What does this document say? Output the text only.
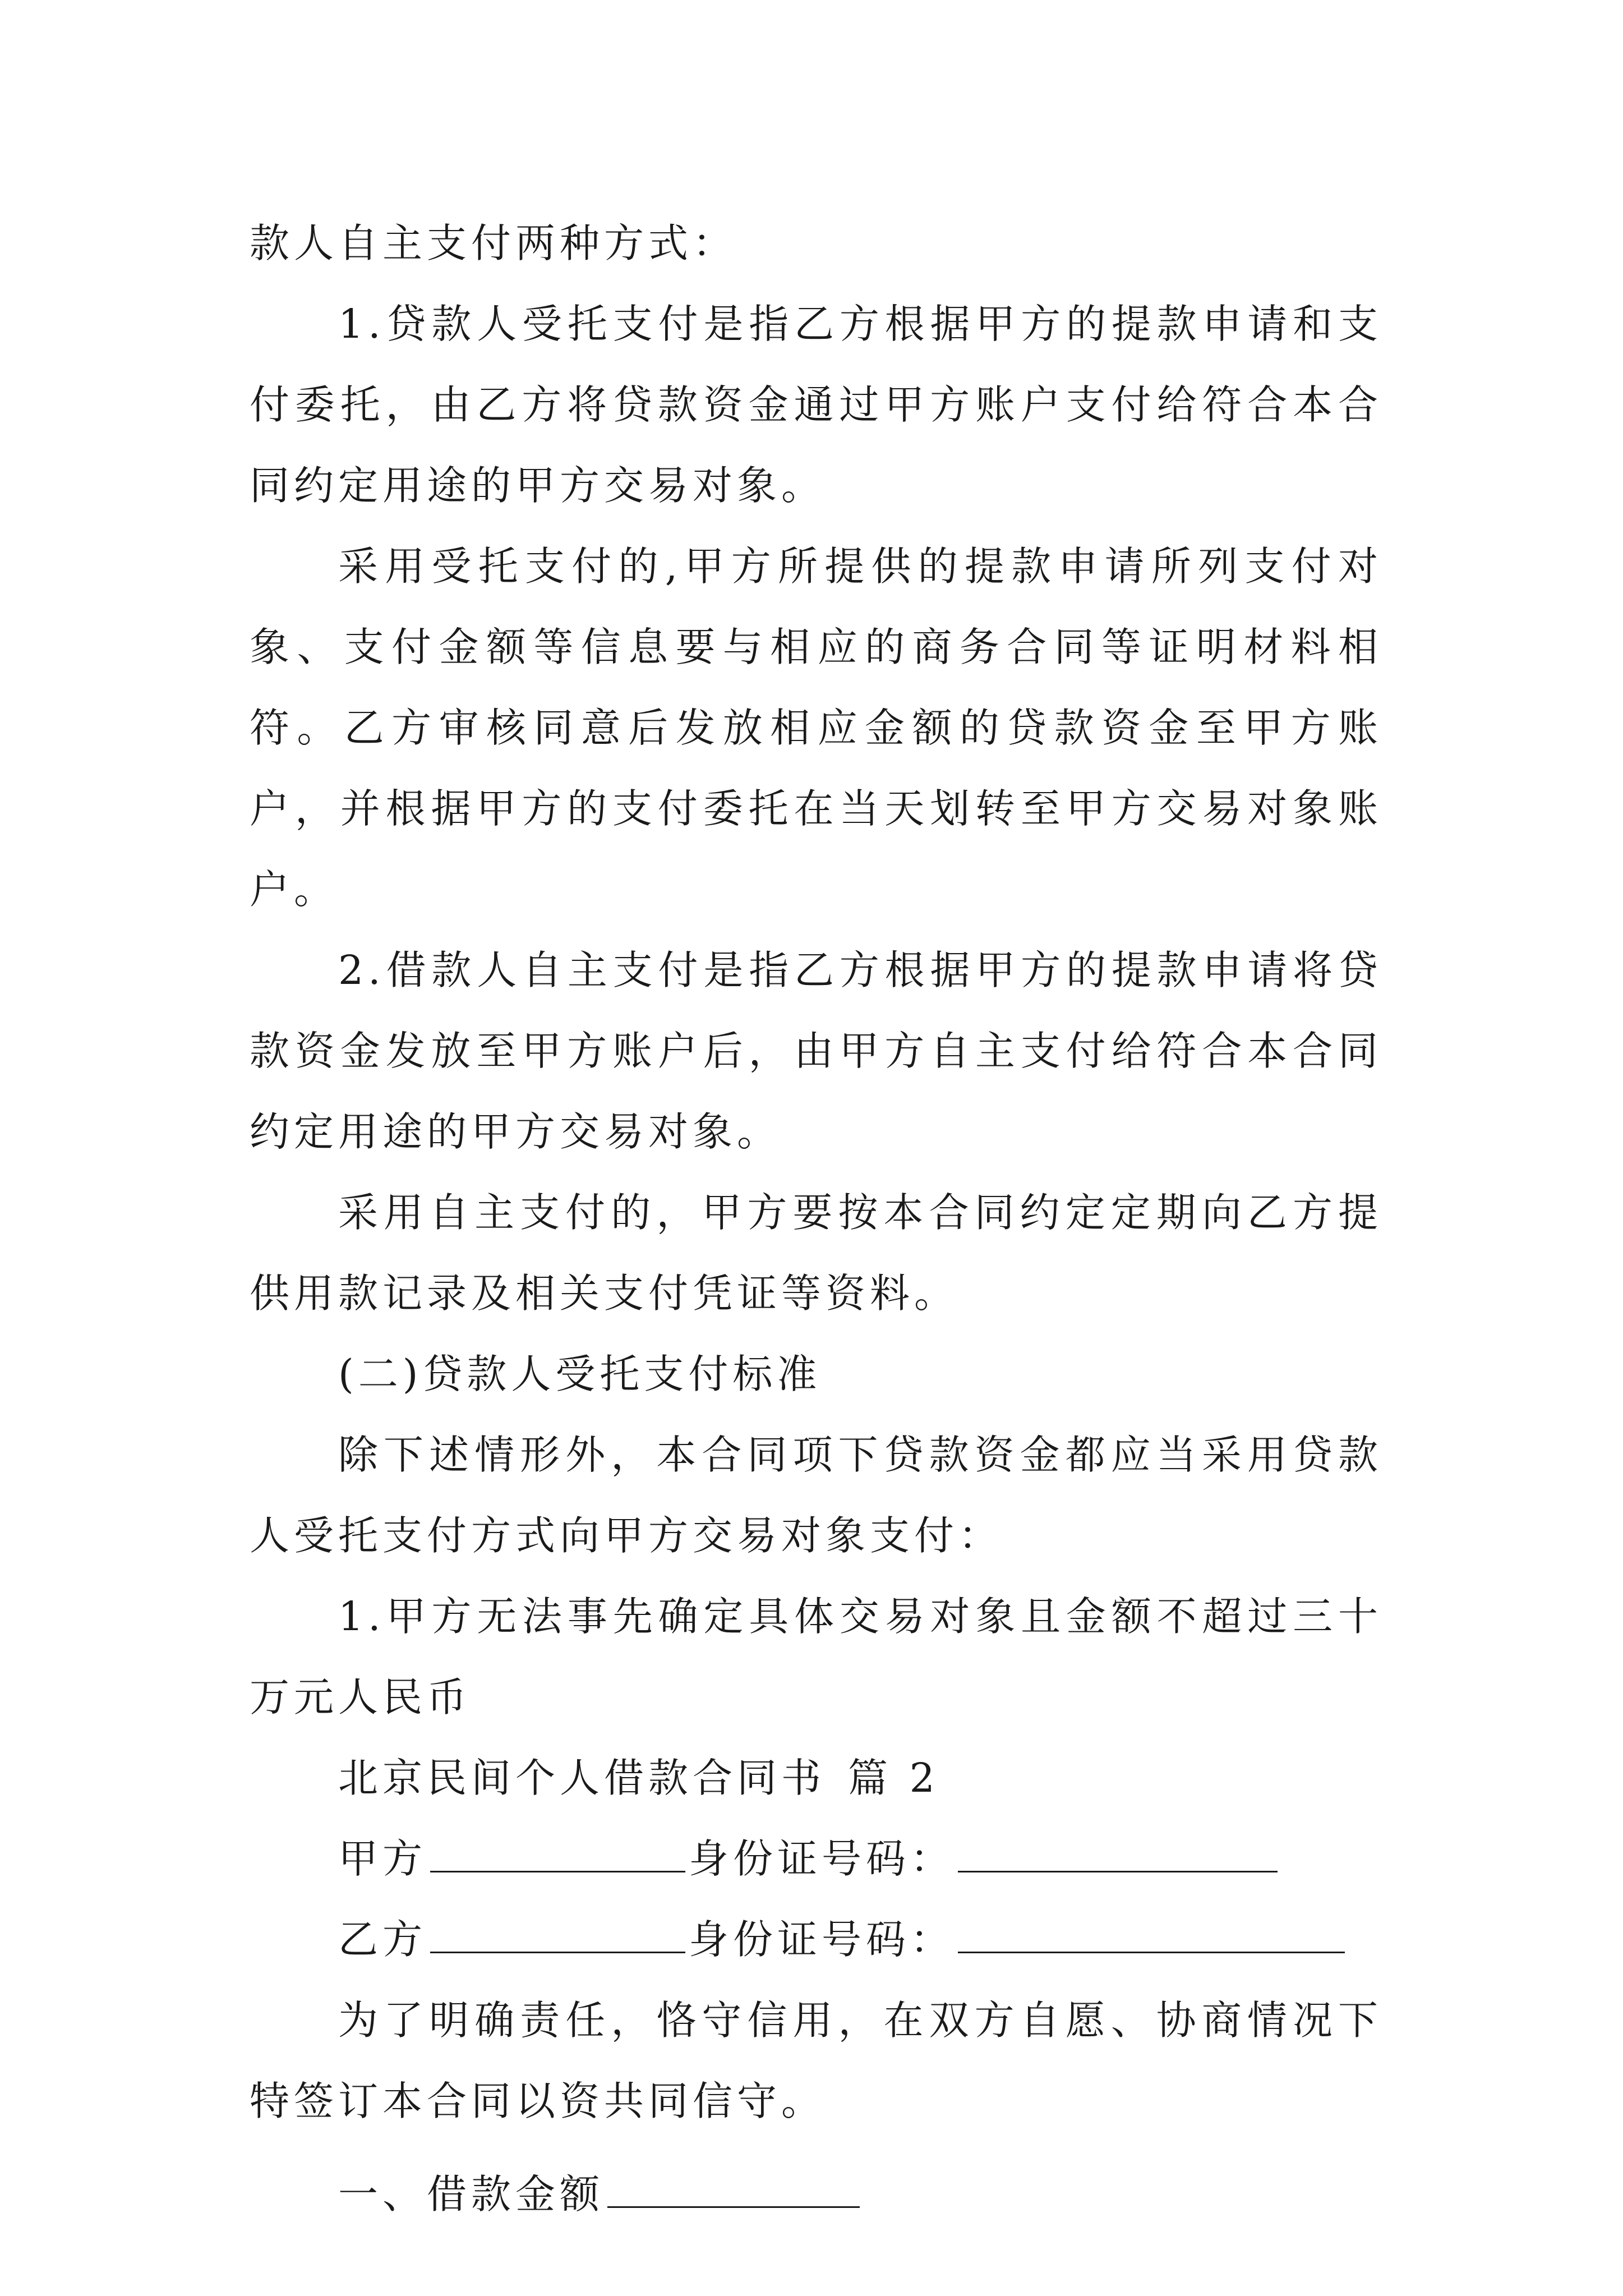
款人自主支付两种方式：

1.贷款人受托支付是指乙方根据甲方的提款申请和支付委托，由乙方将贷款资金通过甲方账户支付给符合本合同约定用途的甲方交易对象。

采用受托支付的,甲方所提供的提款申请所列支付对象、支付金额等信息要与相应的商务合同等证明材料相符。乙方审核同意后发放相应金额的贷款资金至甲方账户，并根据甲方的支付委托在当天划转至甲方交易对象账户。

2.借款人自主支付是指乙方根据甲方的提款申请将贷款资金发放至甲方账户后，由甲方自主支付给符合本合同约定用途的甲方交易对象。

采用自主支付的，甲方要按本合同约定定期向乙方提供用款记录及相关支付凭证等资料。

(二)贷款人受托支付标准

除下述情形外，本合同项下贷款资金都应当采用贷款人受托支付方式向甲方交易对象支付：

1.甲方无法事先确定具体交易对象且金额不超过三十万元人民币

北京民间个人借款合同书 篇 2

甲方	身份证号码：

乙方	身份证号码：

为了明确责任，恪守信用，在双方自愿、协商情况下特签订本合同以资共同信守。

一、借款金额
